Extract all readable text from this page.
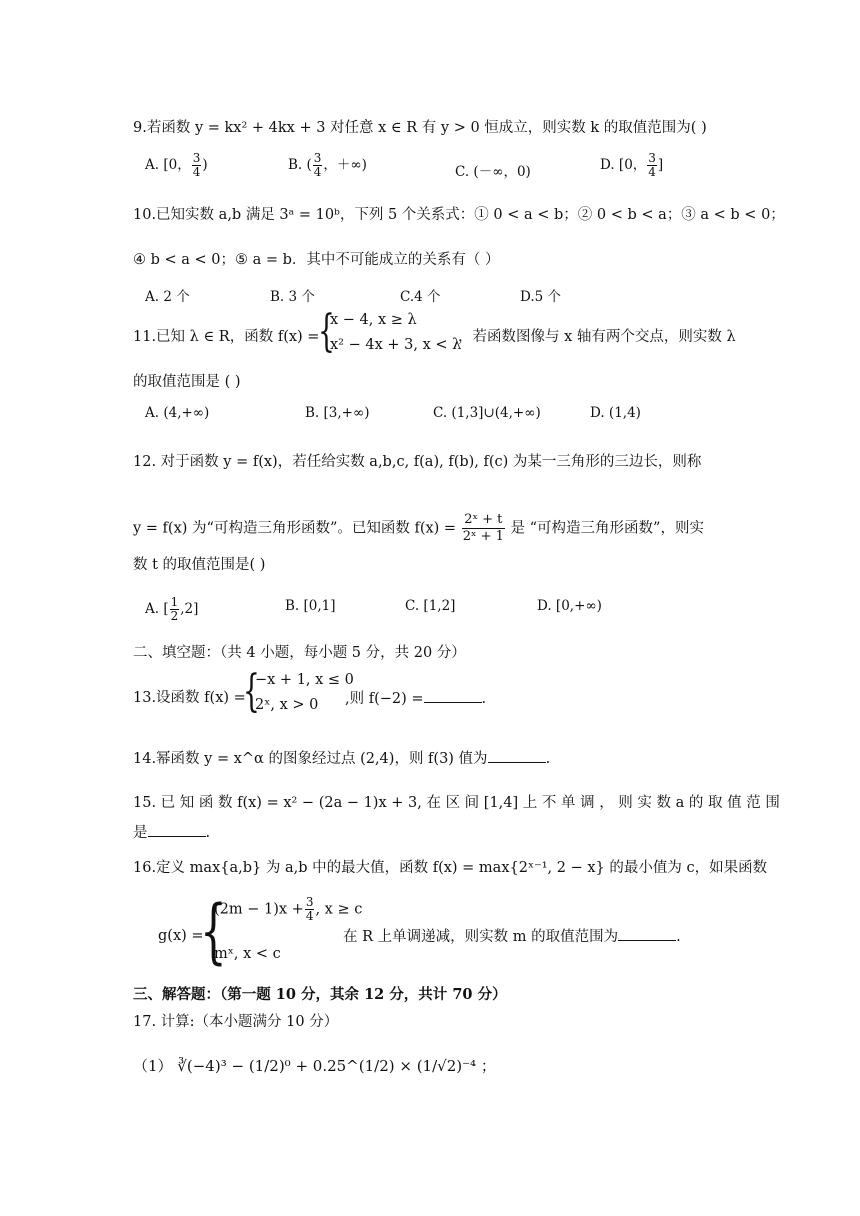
9.若函数 y = kx² + 4kx + 3 对任意 x ∈ R 有 y > 0 恒成立，则实数 k 的取值范围为( )
A. [0， $\frac{3}{4}$ )	B. ( $\frac{3}{4}$ ，＋∞)	C. (－∞，0)	D. [0， $\frac{3}{4}$ ]
10.已知实数 a,b 满足 3ᵃ = 10ᵇ，下列 5 个关系式：① 0 < a < b；② 0 < b < a；③ a < b < 0；
④ b < a < 0；⑤ a = b．其中不可能成立的关系有（ ）
A. 2 个	B. 3 个	C.4 个	D.5 个
11.已知 λ ∈ R，函数 f(x) =
{
x − 4, x ≥ λ
x² − 4x + 3, x < λ
，若函数图像与 x 轴有两个交点，则实数 λ
的取值范围是 ( )
A. (4,+∞)	B. [3,+∞)	C. (1,3]∪(4,+∞)	D. (1,4)
12. 对于函数 y = f(x)，若任给实数 a,b,c, f(a), f(b), f(c) 为某一三角形的三边长，则称
y = f(x) 为“可构造三角形函数”。已知函数 $f(x) = \frac{\text{2ˣ + t}}{\text{2ˣ + 1}}$ 是 “可构造三角形函数”，则实
数 t 的取值范围是( )
A. [ $\frac{1}{2} ,2$]	B. [0,1]	C. [1,2]	D. [0,+∞)
二、填空题：（共 4 小题，每小题 5 分，共 20 分）
13.设函数 f(x) =
{
−x + 1, x ≤ 0
2ˣ, x > 0 ,则 f(−2) =	.
14.幂函数 y = x^α 的图象经过点 (2,4)，则 f(3) 值为	.
15. 已 知 函 数 f(x) = x² − (2a − 1)x + 3, 在 区 间 [1,4] 上 不 单 调 ， 则 实 数 a 的 取 值 范 围
是	.
16.定义 max{a,b} 为 a,b 中的最大值，函数 f(x) = max{2ˣ⁻¹, 2 − x} 的最小值为 c，如果函数
g(x) =
{
$(2m - 1)x + \frac{3}{4}$ , x ≥ c
mˣ, x < c
在 R 上单调递减，则实数 m 的取值范围为	.
三、解答题：（第一题 10 分，其余 12 分，共计 70 分）
17. 计算:（本小题满分 10 分）
（1） ∛(−4)³ − (1/2)⁰ + 0.25^(1/2) × (1/√2)⁻⁴ ；
